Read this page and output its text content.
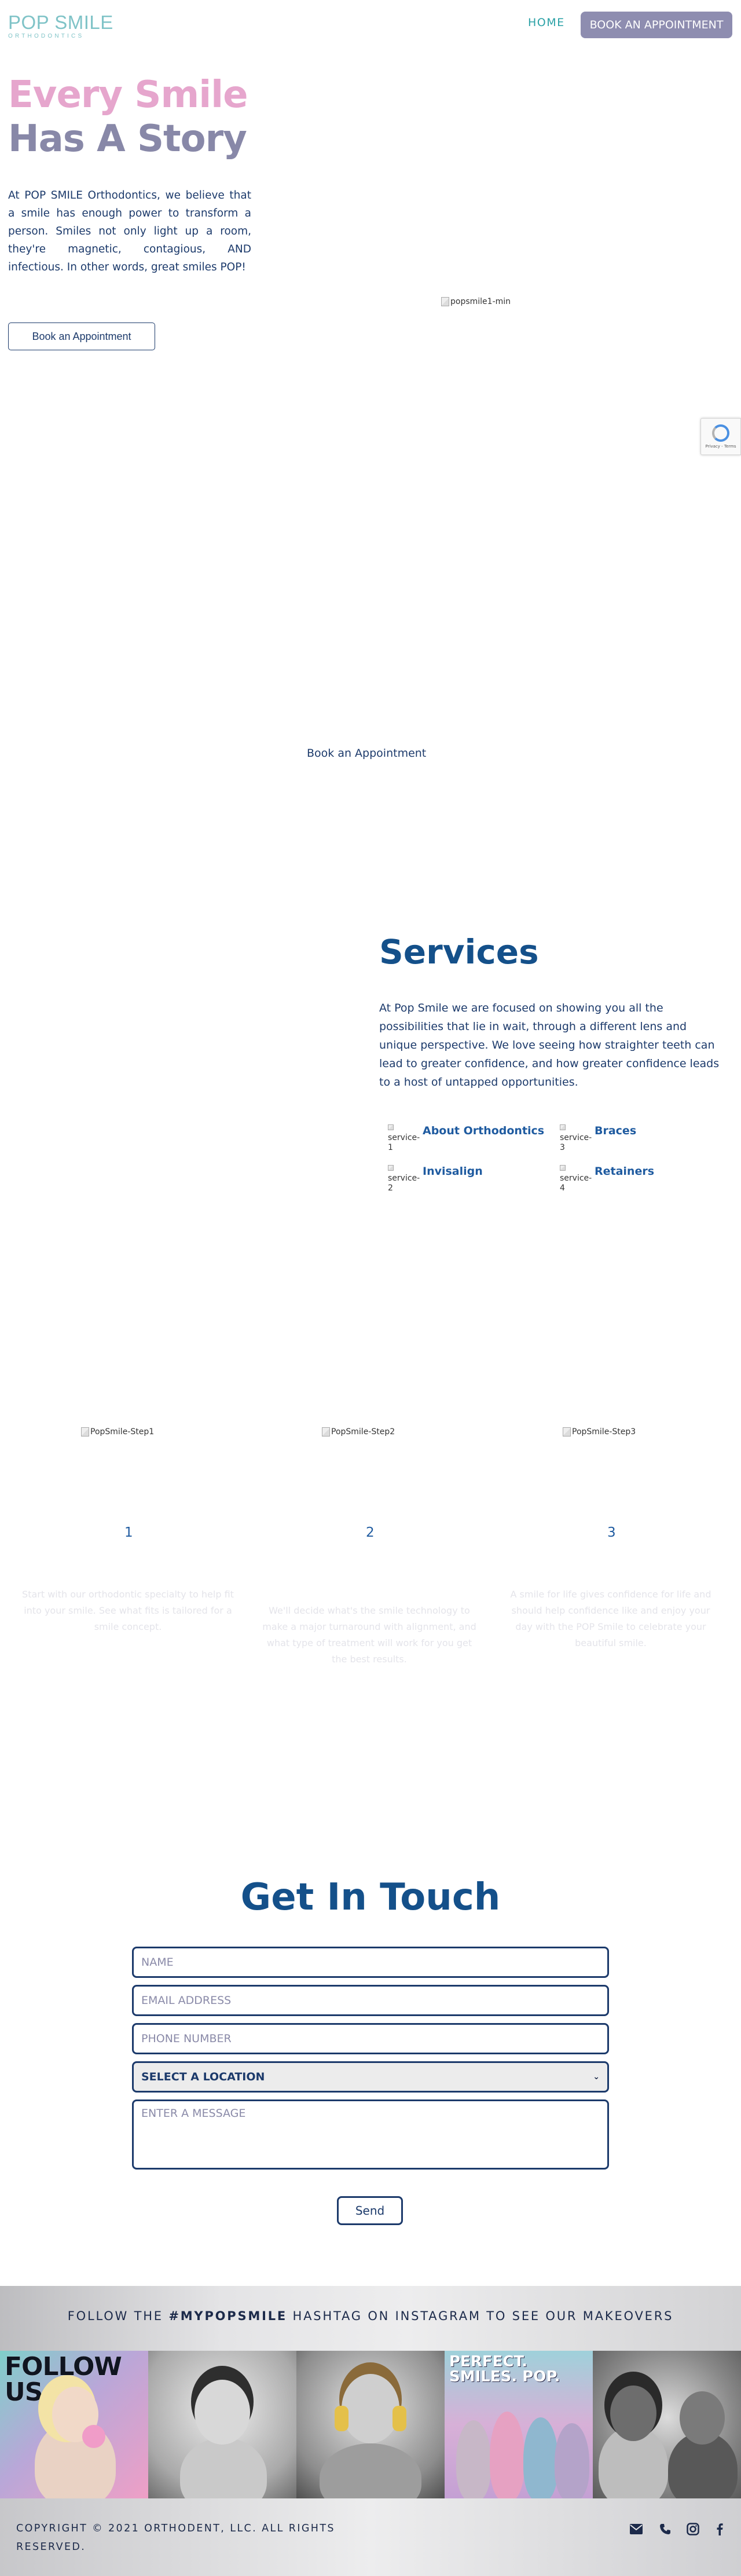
POP SMILE
ORTHODONTICS
HOME	BOOK AN APPOINTMENT
Every Smile
Has A Story

At POP SMILE Orthodontics, we believe that a smile has enough power to transform a person. Smiles not only light up a room, they're magnetic, contagious, AND infectious. In other words, great smiles POP!

Book an Appointment
popsmile1-min
Privacy - Terms
Book an Appointment
Services

At Pop Smile we are focused on showing you all the possibilities that lie in wait, through a different lens and unique perspective. We love seeing how straighter teeth can lead to greater confidence, and how greater confidence leads to a host of untapped opportunities.

service-1
About Orthodontics
service-3
Braces
service-2
Invisalign
service-4
Retainers
PopSmile-Step1	PopSmile-Step2	PopSmile-Step3
1	2	3

Start with our orthodontic specialty to help fit into your smile. See what fits is tailored for a smile concept.

We'll decide what's the smile technology to make a major turnaround with alignment, and what type of treatment will work for you get the best results.

A smile for life gives confidence for life and should help confidence like and enjoy your day with the POP Smile to celebrate your beautiful smile.

Get In Touch
NAME
EMAIL ADDRESS
PHONE NUMBER
SELECT A LOCATION	⌄
ENTER A MESSAGE
Send
FOLLOW THE #MYPOPSMILE HASHTAG ON INSTAGRAM TO SEE OUR MAKEOVERS
FOLLOW US
PERFECT. SMILES. POP.
COPYRIGHT © 2021 ORTHODENT, LLC. ALL RIGHTS RESERVED.
